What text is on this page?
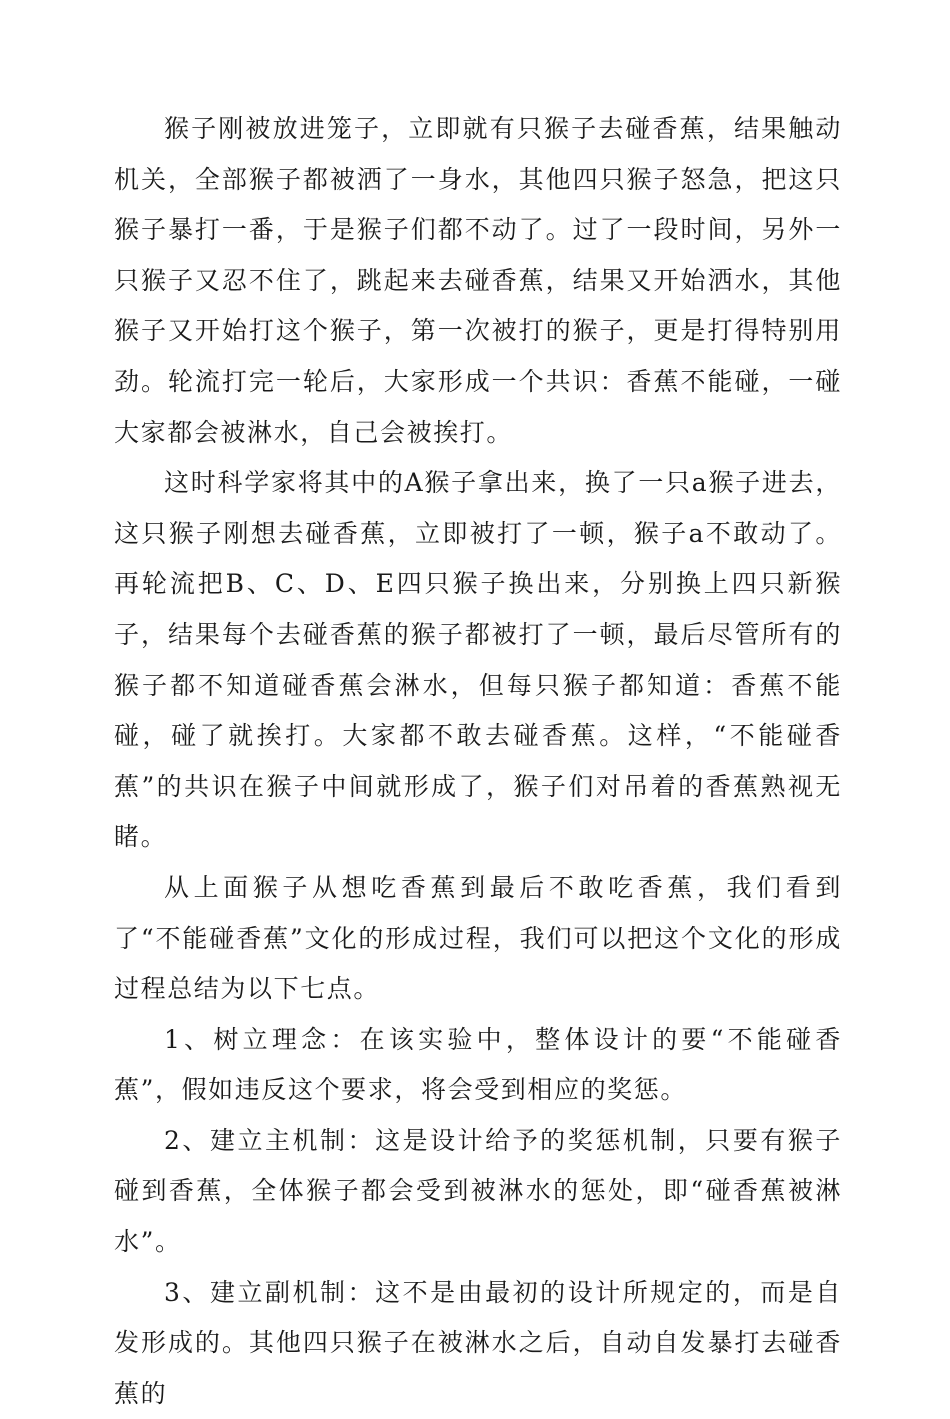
猴子刚被放进笼子，立即就有只猴子去碰香蕉，结果触动机关，全部猴子都被洒了一身水，其他四只猴子怒急，把这只猴子暴打一番，于是猴子们都不动了。过了一段时间，另外一只猴子又忍不住了，跳起来去碰香蕉，结果又开始洒水，其他猴子又开始打这个猴子，第一次被打的猴子，更是打得特别用劲。轮流打完一轮后，大家形成一个共识：香蕉不能碰，一碰大家都会被淋水，自己会被挨打。

这时科学家将其中的A猴子拿出来，换了一只a猴子进去，这只猴子刚想去碰香蕉，立即被打了一顿，猴子a不敢动了。再轮流把B、C、D、E四只猴子换出来，分别换上四只新猴子，结果每个去碰香蕉的猴子都被打了一顿，最后尽管所有的猴子都不知道碰香蕉会淋水，但每只猴子都知道：香蕉不能碰，碰了就挨打。大家都不敢去碰香蕉。这样，“不能碰香蕉”的共识在猴子中间就形成了，猴子们对吊着的香蕉熟视无睹。

从上面猴子从想吃香蕉到最后不敢吃香蕉，我们看到了“不能碰香蕉”文化的形成过程，我们可以把这个文化的形成过程总结为以下七点。

1、树立理念：在该实验中，整体设计的要“不能碰香蕉”，假如违反这个要求，将会受到相应的奖惩。

2、建立主机制：这是设计给予的奖惩机制，只要有猴子碰到香蕉，全体猴子都会受到被淋水的惩处，即“碰香蕉被淋水”。

3、建立副机制：这不是由最初的设计所规定的，而是自发形成的。其他四只猴子在被淋水之后，自动自发暴打去碰香蕉的
